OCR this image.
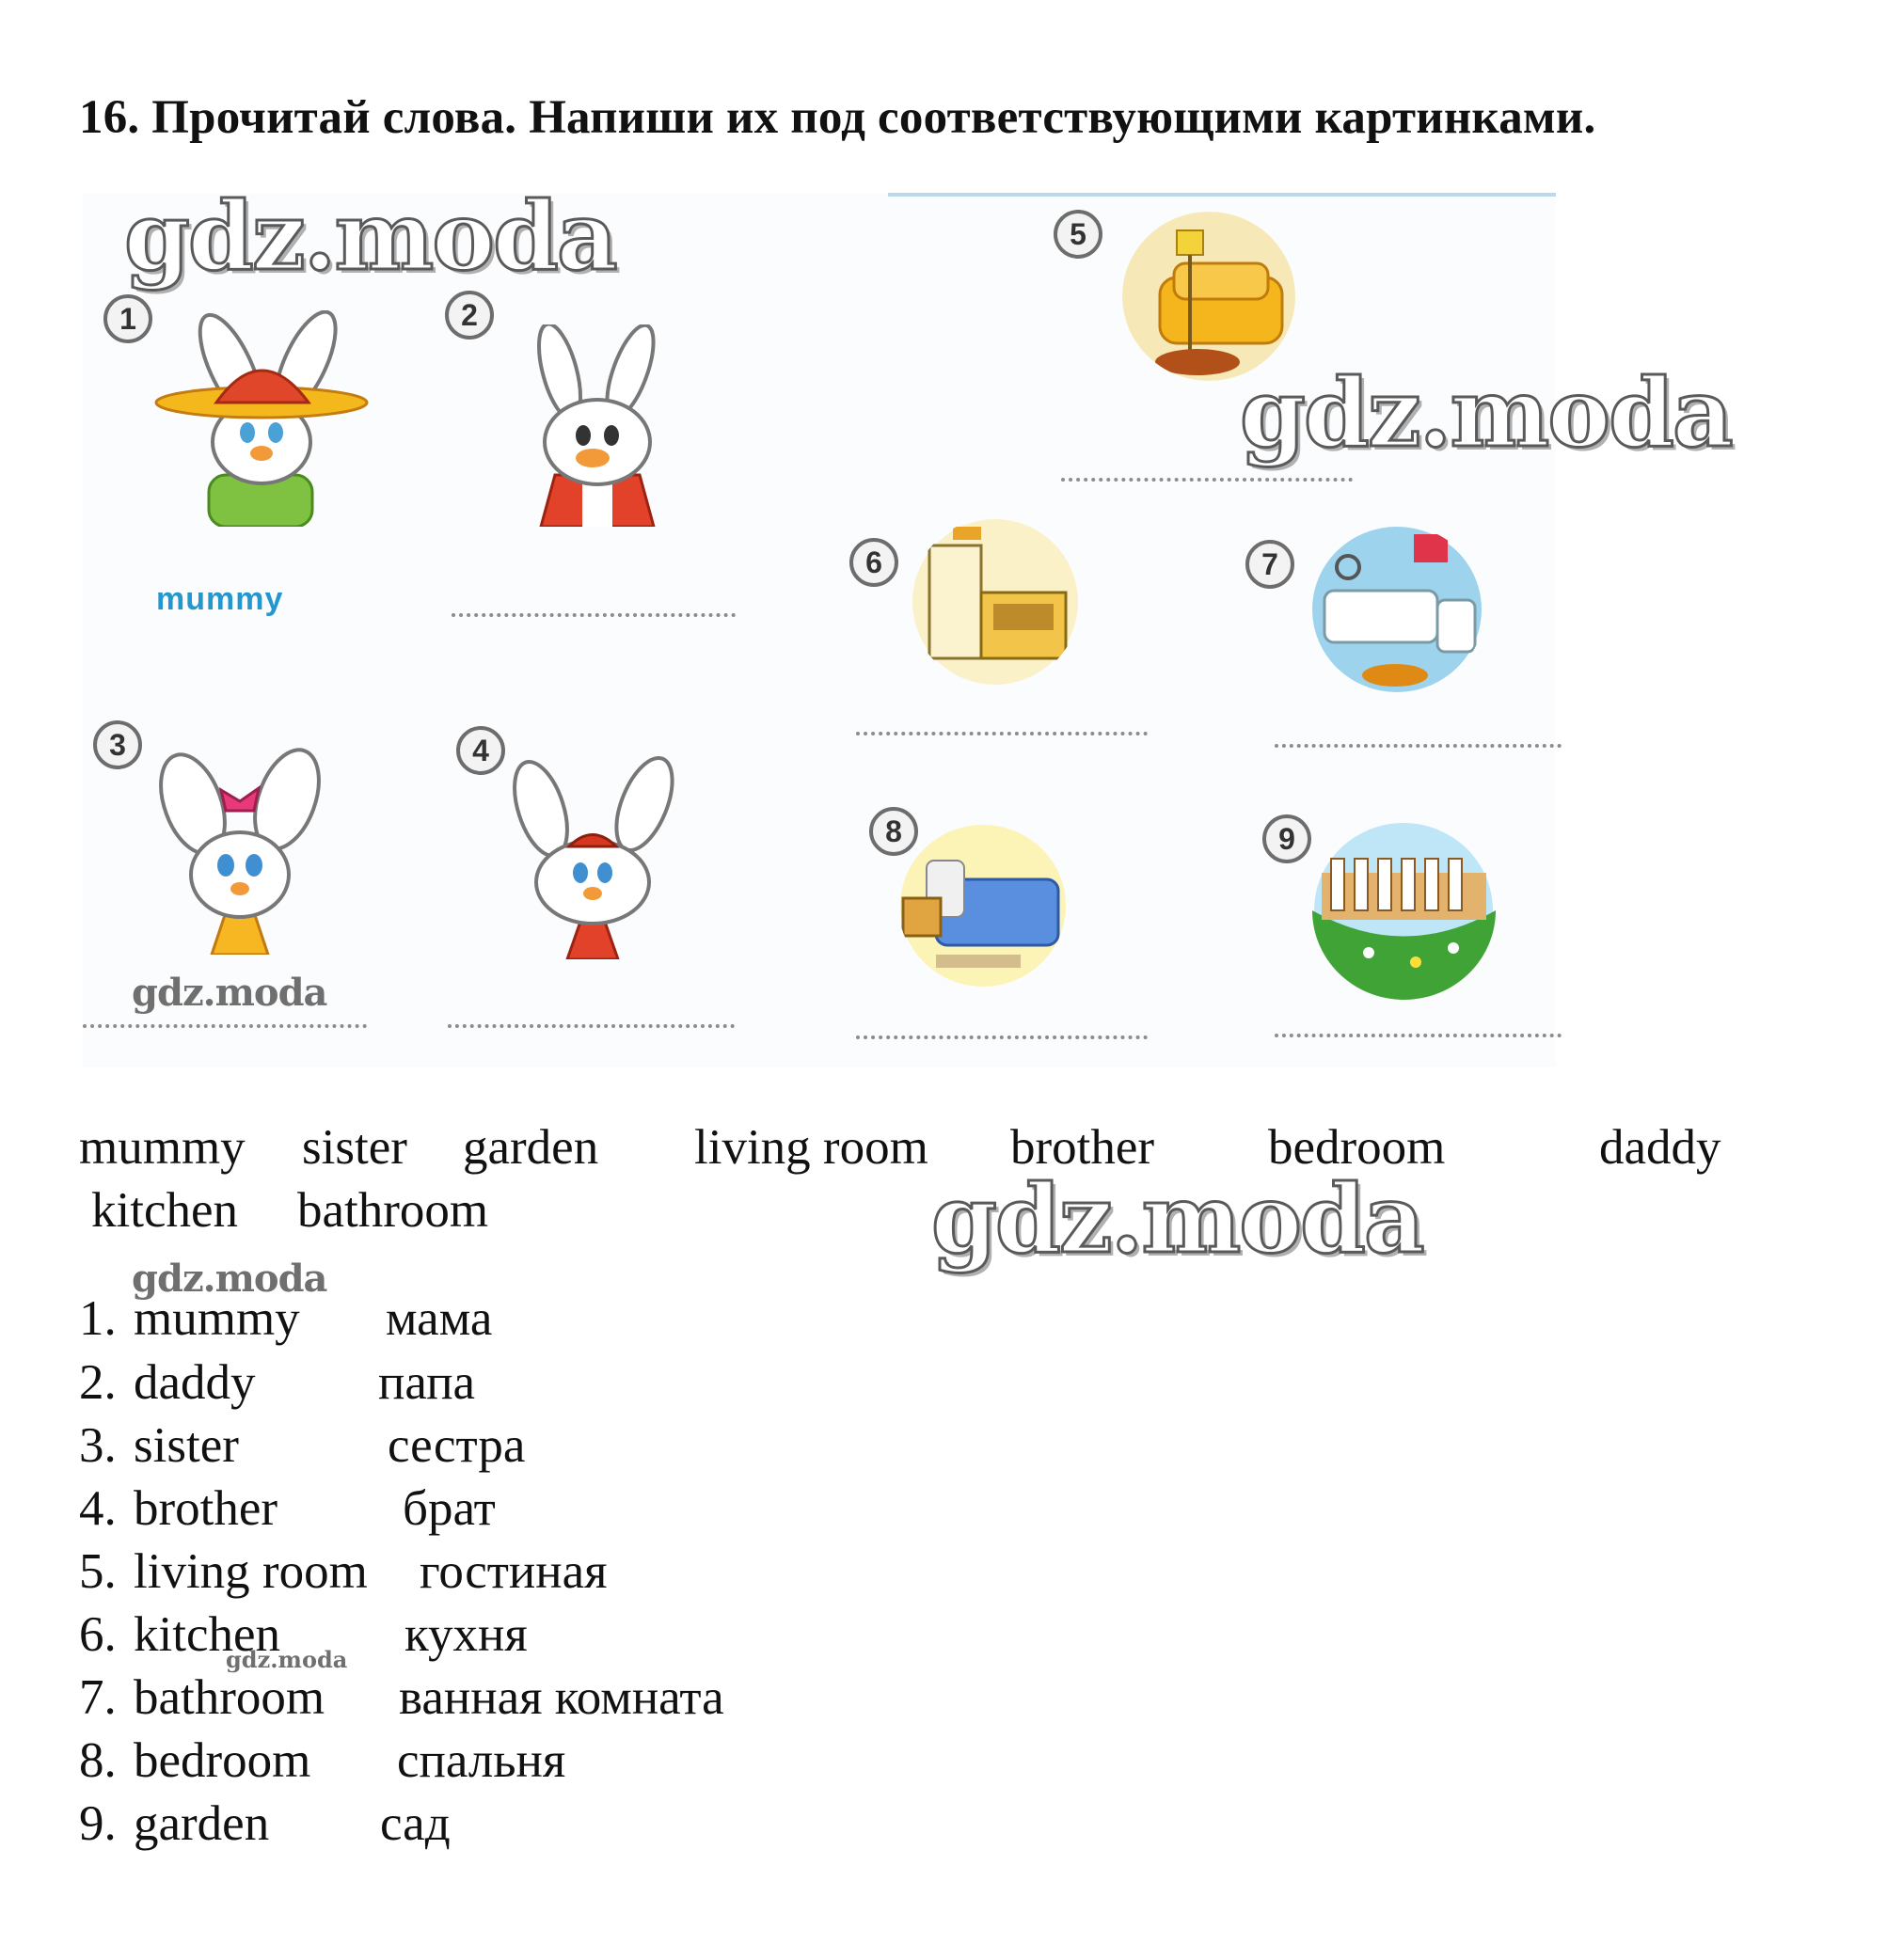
16. Прочитай слова. Напиши их под соответствующими картинками.
1	2
3	4
5
6	7
8	9
mummy
mummy sister garden living room brother bedroom	daddy
kitchen bathroom
1. mummy мама
2. daddy папа
3. sister	сестра
4. brother	брат
5. living room гостиная
6. kitchen кухня
7. bathroom ванная комната
8. bedroom спальня
9. garden сад
gdz.moda
gdz.moda
gdz.moda
gdz.moda
gdz.moda
gdz.moda
